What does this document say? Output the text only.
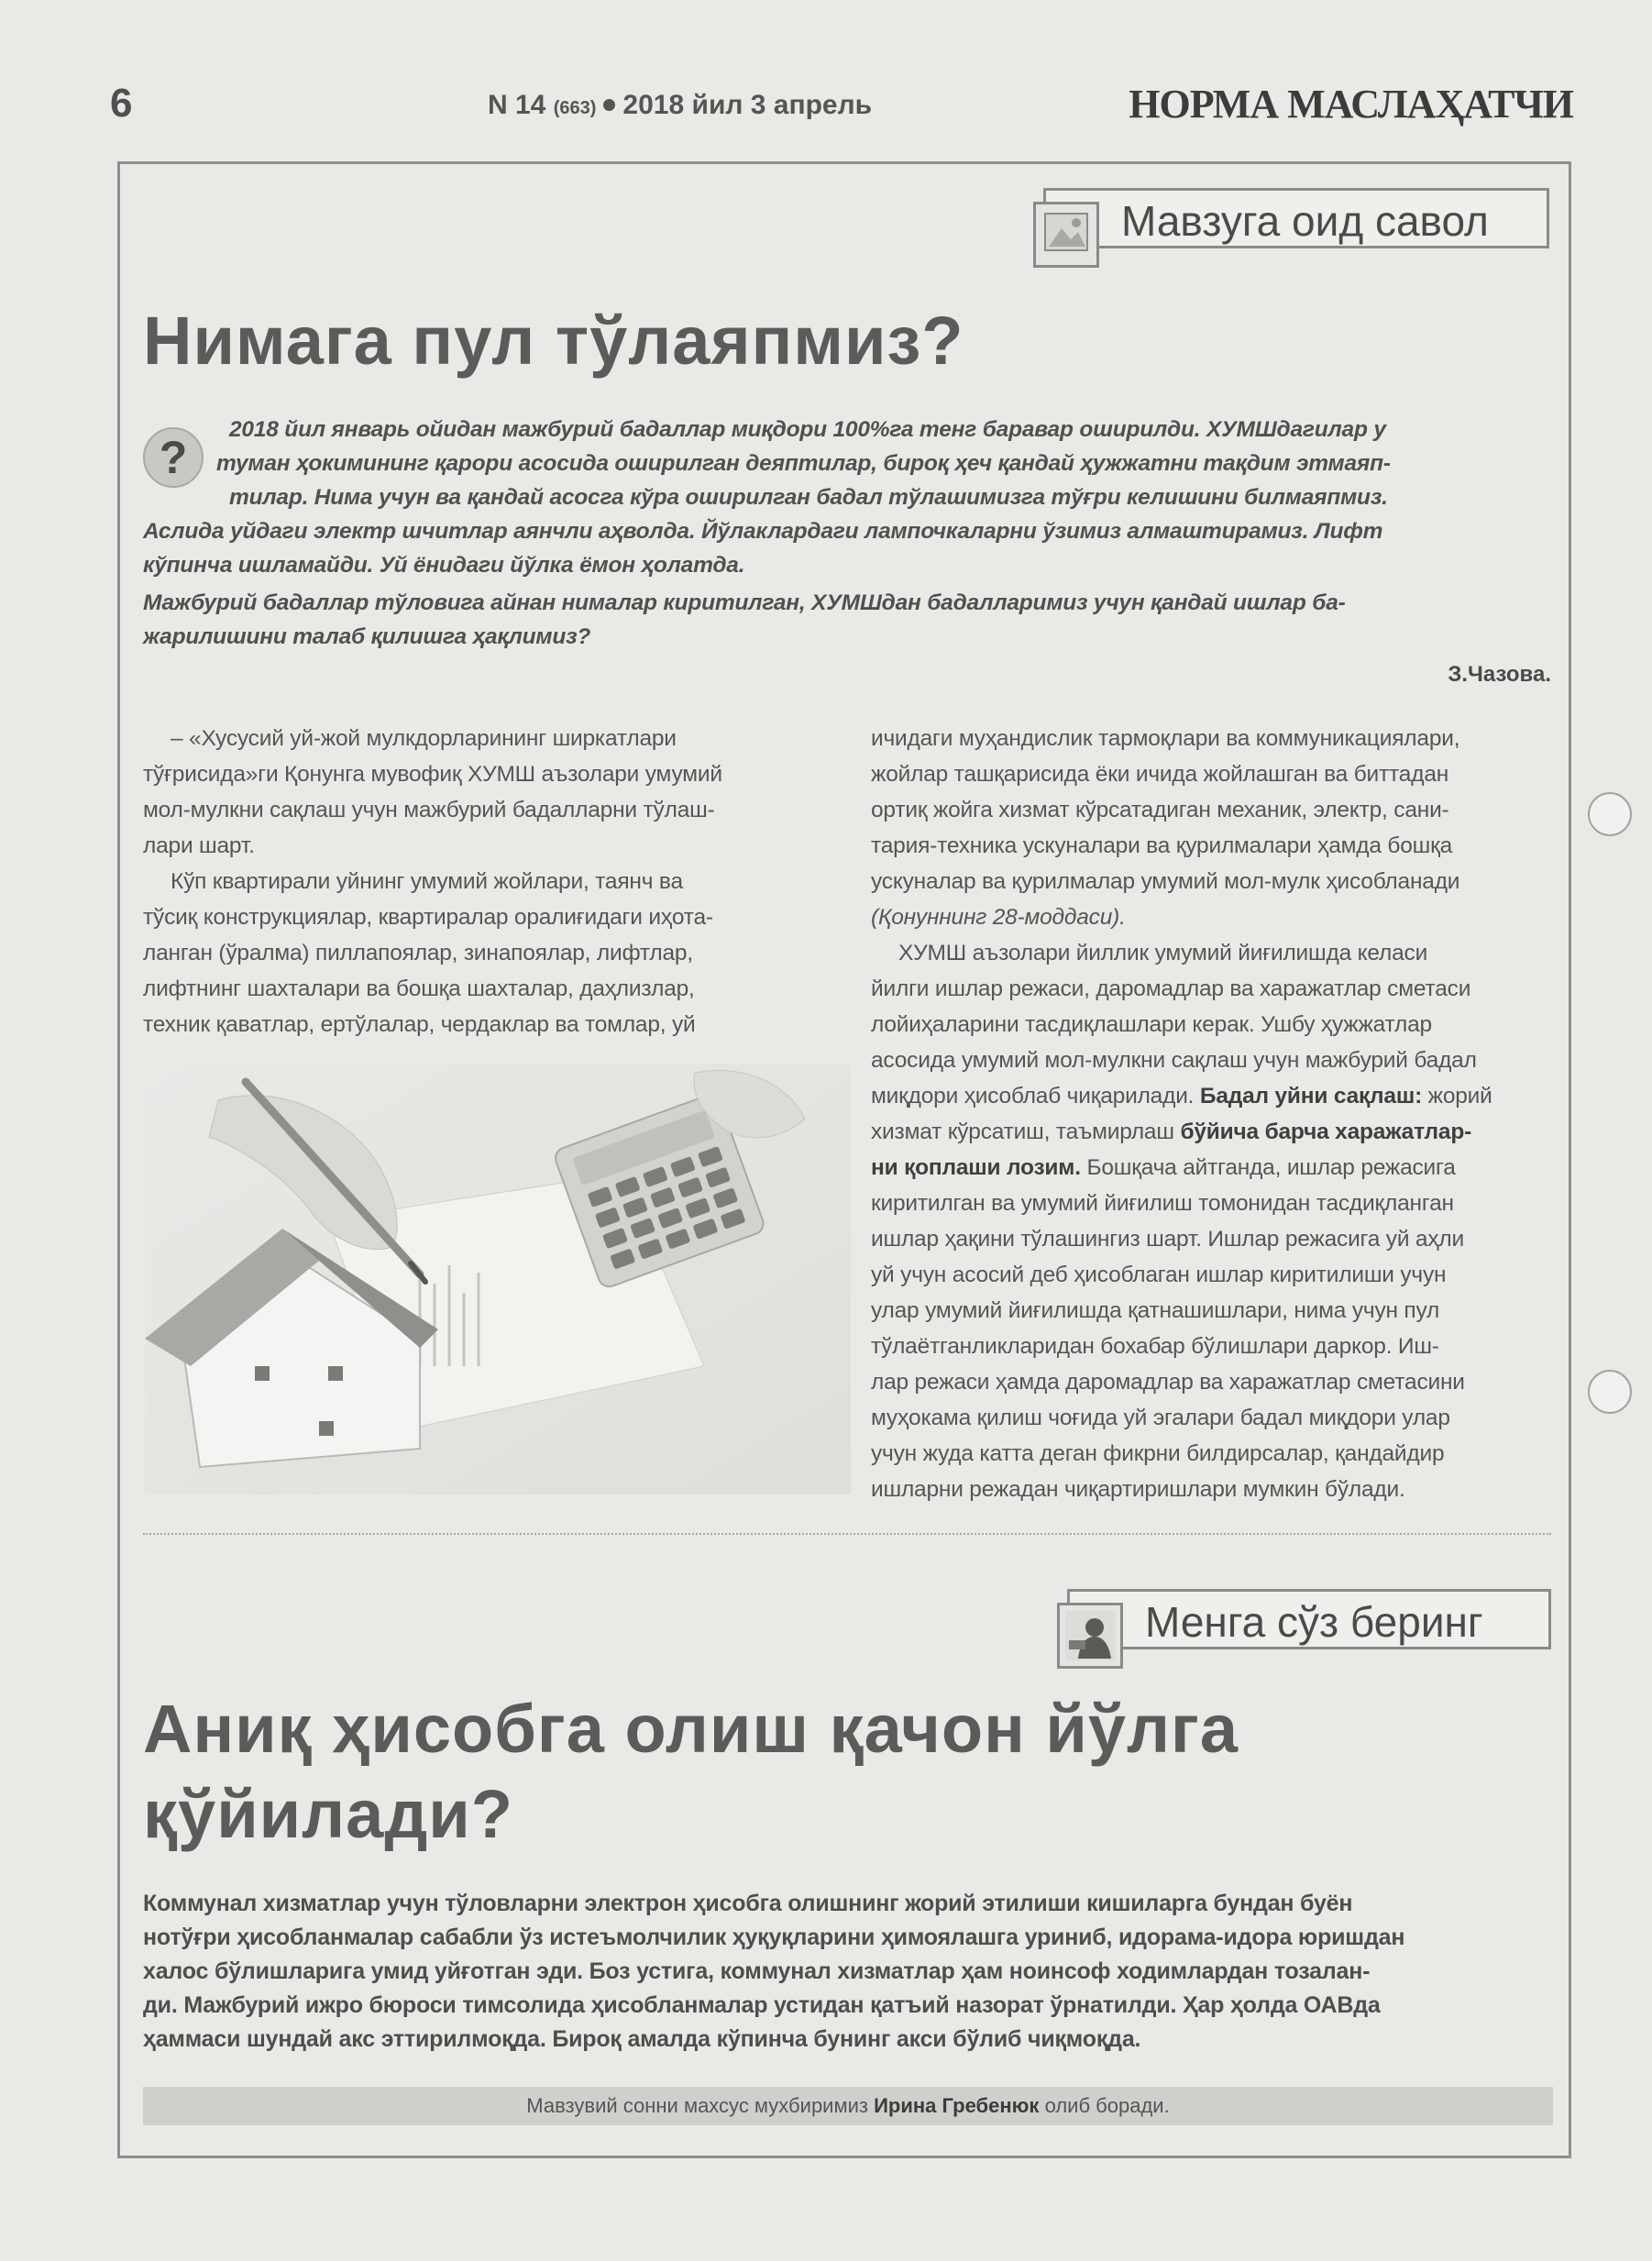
6	N 14 (663) 2018 йил 3 апрель	НОРМА МАСЛАҲАТЧИ
Мавзуга оид савол
Нимага пул тўлаяпмиз?
?
2018 йил январь ойидан мажбурий бадаллар миқдори 100%га тенг баравар оширилди. ХУМШдагилар у
туман ҳокимининг қарори асосида оширилган деяптилар, бироқ ҳеч қандай ҳужжатни тақдим этмаяп-
тилар. Нима учун ва қандай асосга кўра оширилган бадал тўлашимизга тўғри келишини билмаяпмиз.
Аслида уйдаги электр шчитлар аянчли аҳволда. Йўлаклардаги лампочкаларни ўзимиз алмаштирамиз. Лифт
кўпинча ишламайди. Уй ёнидаги йўлка ёмон ҳолатда.
Мажбурий бадаллар тўловига айнан нималар киритилган, ХУМШдан бадалларимиз учун қандай ишлар ба-
жарилишини талаб қилишга ҳақлимиз?
З.Чазова.
– «Хусусий уй-жой мулкдорларининг ширкатлари
тўғрисида»ги Қонунга мувофиқ ХУМШ аъзолари умумий
мол-мулкни сақлаш учун мажбурий бадалларни тўлаш-
лари шарт.
Кўп квартирали уйнинг умумий жойлари, таянч ва
тўсиқ конструкциялар, квартиралар оралиғидаги иҳота-
ланган (ўралма) пиллапоялар, зинапоялар, лифтлар,
лифтнинг шахталари ва бошқа шахталар, даҳлизлар,
техник қаватлар, ертўлалар, чердаклар ва томлар, уй
ичидаги муҳандислик тармоқлари ва коммуникациялари,
жойлар ташқарисида ёки ичида жойлашган ва биттадан
ортиқ жойга хизмат кўрсатадиган механик, электр, сани-
тария-техника ускуналари ва қурилмалари ҳамда бошқа
ускуналар ва қурилмалар умумий мол-мулк ҳисобланади
(Қонуннинг 28-моддаси).
ХУМШ аъзолари йиллик умумий йиғилишда келаси
йилги ишлар режаси, даромадлар ва харажатлар сметаси
лойиҳаларини тасдиқлашлари керак. Ушбу ҳужжатлар
асосида умумий мол-мулкни сақлаш учун мажбурий бадал
миқдори ҳисоблаб чиқарилади. Бадал уйни сақлаш: жорий
хизмат кўрсатиш, таъмирлаш бўйича барча харажатлар-
ни қоплаши лозим. Бошқача айтганда, ишлар режасига
киритилган ва умумий йиғилиш томонидан тасдиқланган
ишлар ҳақини тўлашингиз шарт. Ишлар режасига уй аҳли
уй учун асосий деб ҳисоблаган ишлар киритилиши учун
улар умумий йиғилишда қатнашишлари, нима учун пул
тўлаётганликларидан бохабар бўлишлари даркор. Иш-
лар режаси ҳамда даромадлар ва харажатлар сметасини
муҳокама қилиш чоғида уй эгалари бадал миқдори улар
учун жуда катта деган фикрни билдирсалар, қандайдир
ишларни режадан чиқартиришлари мумкин бўлади.
Менга сўз беринг
Аниқ ҳисобга олиш қачон йўлга
қўйилади?
Коммунал хизматлар учун тўловларни электрон ҳисобга олишнинг жорий этилиши кишиларга бундан буён
нотўғри ҳисобланмалар сабабли ўз истеъмолчилик ҳуқуқларини ҳимоялашга уриниб, идорама-идора юришдан
халос бўлишларига умид уйғотган эди. Боз устига, коммунал хизматлар ҳам ноинсоф ходимлардан тозалан-
ди. Мажбурий ижро бюроси тимсолида ҳисобланмалар устидан қатъий назорат ўрнатилди. Ҳар ҳолда ОАВда
ҳаммаси шундай акс эттирилмоқда. Бироқ амалда кўпинча бунинг акси бўлиб чиқмоқда.
Мавзувий сонни махсус мухбиримиз Ирина Гребенюк олиб боради.
